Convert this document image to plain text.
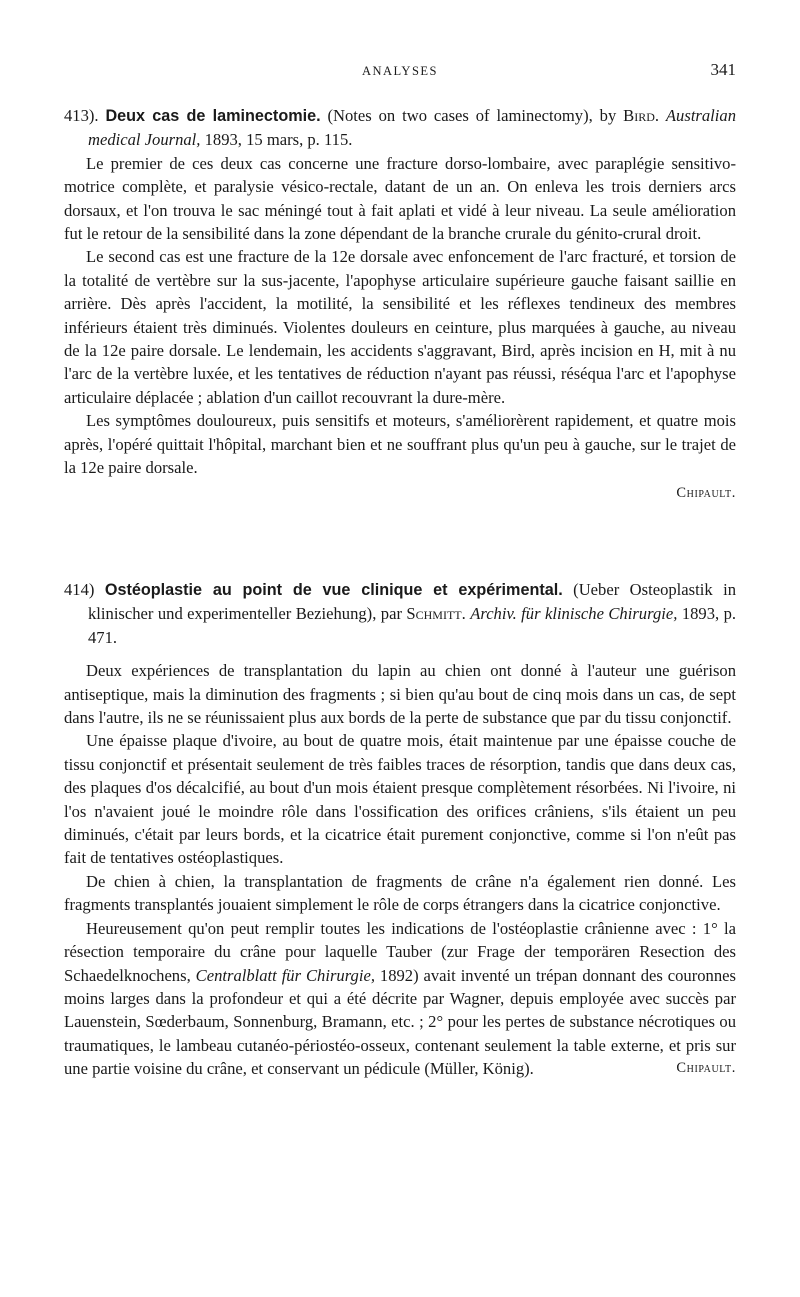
ANALYSES	341

413). Deux cas de laminectomie. (Notes on two cases of laminectomy), by Bird. Australian medical Journal, 1893, 15 mars, p. 115.

Le premier de ces deux cas concerne une fracture dorso-lombaire, avec paraplégie sensitivo-motrice complète, et paralysie vésico-rectale, datant de un an. On enleva les trois derniers arcs dorsaux, et l'on trouva le sac méningé tout à fait aplati et vidé à leur niveau. La seule amélioration fut le retour de la sensibilité dans la zone dépendant de la branche crurale du génito-crural droit.

Le second cas est une fracture de la 12e dorsale avec enfoncement de l'arc fracturé, et torsion de la totalité de vertèbre sur la sus-jacente, l'apophyse articulaire supérieure gauche faisant saillie en arrière. Dès après l'accident, la motilité, la sensibilité et les réflexes tendineux des membres inférieurs étaient très diminués. Violentes douleurs en ceinture, plus marquées à gauche, au niveau de la 12e paire dorsale. Le lendemain, les accidents s'aggravant, Bird, après incision en H, mit à nu l'arc de la vertèbre luxée, et les tentatives de réduction n'ayant pas réussi, réséqua l'arc et l'apophyse articulaire déplacée ; ablation d'un caillot recouvrant la dure-mère.

Les symptômes douloureux, puis sensitifs et moteurs, s'améliorèrent rapidement, et quatre mois après, l'opéré quittait l'hôpital, marchant bien et ne souffrant plus qu'un peu à gauche, sur le trajet de la 12e paire dorsale.

Chipault.

414) Ostéoplastie au point de vue clinique et expérimental. (Ueber Osteoplastik in klinischer und experimenteller Beziehung), par Schmitt. Archiv. für klinische Chirurgie, 1893, p. 471.

Deux expériences de transplantation du lapin au chien ont donné à l'auteur une guérison antiseptique, mais la diminution des fragments ; si bien qu'au bout de cinq mois dans un cas, de sept dans l'autre, ils ne se réunissaient plus aux bords de la perte de substance que par du tissu conjonctif.

Une épaisse plaque d'ivoire, au bout de quatre mois, était maintenue par une épaisse couche de tissu conjonctif et présentait seulement de très faibles traces de résorption, tandis que dans deux cas, des plaques d'os décalcifié, au bout d'un mois étaient presque complètement résorbées. Ni l'ivoire, ni l'os n'avaient joué le moindre rôle dans l'ossification des orifices crâniens, s'ils étaient un peu diminués, c'était par leurs bords, et la cicatrice était purement conjonctive, comme si l'on n'eût pas fait de tentatives ostéoplastiques.

De chien à chien, la transplantation de fragments de crâne n'a également rien donné. Les fragments transplantés jouaient simplement le rôle de corps étrangers dans la cicatrice conjonctive.

Heureusement qu'on peut remplir toutes les indications de l'ostéoplastie crânienne avec : 1° la résection temporaire du crâne pour laquelle Tauber (zur Frage der temporären Resection des Schaedelknochens, Centralblatt für Chirurgie, 1892) avait inventé un trépan donnant des couronnes moins larges dans la profondeur et qui a été décrite par Wagner, depuis employée avec succès par Lauenstein, Sœderbaum, Sonnenburg, Bramann, etc. ; 2° pour les pertes de substance nécrotiques ou traumatiques, le lambeau cutanéo-périostéo-osseux, contenant seulement la table externe, et pris sur une partie voisine du crâne, et conservant un pédicule (Müller, König).	Chipault.
